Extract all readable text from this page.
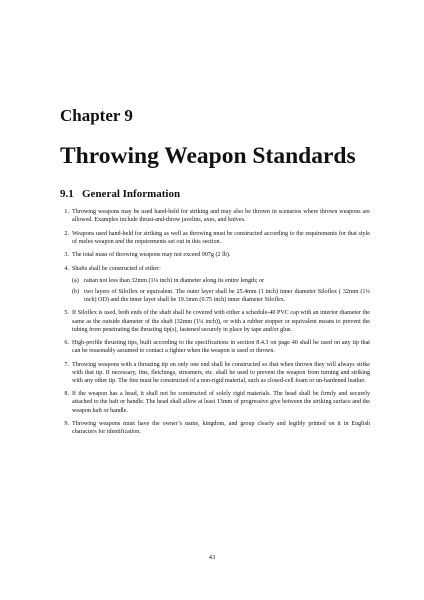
Chapter 9
Throwing Weapon Standards
9.1 General Information
1. Throwing weapons may be used hand-held for striking and may also be thrown in scenarios where thrown weapons are allowed. Examples include thrust-and-throw javelins, axes, and knives.
2. Weapons used hand-held for striking as well as throwing must be constructed according to the requirements for that style of melee weapon and the requirements set out in this section.
3. The total mass of throwing weapons may not exceed 907g (2 lb).
4. Shafts shall be constructed of either:
(a) rattan not less than 32mm (1¼ inch) in diameter along its entire length; or
(b) two layers of Siloflex or equivalent. The outer layer shall be 25.4mm (1 inch) inner diameter Siloflex ( 32mm (1¼ inch) OD) and the inner layer shall be 19.1mm (0.75 inch) inner diameter Siloflex.
5. If Siloflex is used, both ends of the shaft shall be covered with either a schedule-40 PVC cap with an interior diameter the same as the outside diameter of the shaft (32mm (1¼ inch)), or with a rubber stopper or equivalent means to prevent the tubing from penetrating the thrusting tip(s), fastened securely in place by tape and/or glue.
6. High-profile thrusting tips, built according to the specifications in section 8.4.3 on page 40 shall be used on any tip that can be reasonably assumed to contact a fighter when the weapon is used or thrown.
7. Throwing weapons with a thrusting tip on only one end shall be constructed so that when thrown they will always strike with that tip. If necessary, fins, fletchings, streamers, etc. shall be used to prevent the weapon from turning and striking with any other tip. The fins must be constructed of a non-rigid material, such as closed-cell foam or un-hardened leather.
8. If the weapon has a head, it shall not be constructed of solely rigid materials. The head shall be firmly and securely attached to the haft or handle. The head shall allow at least 13mm of progressive give between the striking surface and the weapon haft or handle.
9. Throwing weapons must have the owner’s name, kingdom, and group clearly and legibly printed on it in English characters for identification.
43
